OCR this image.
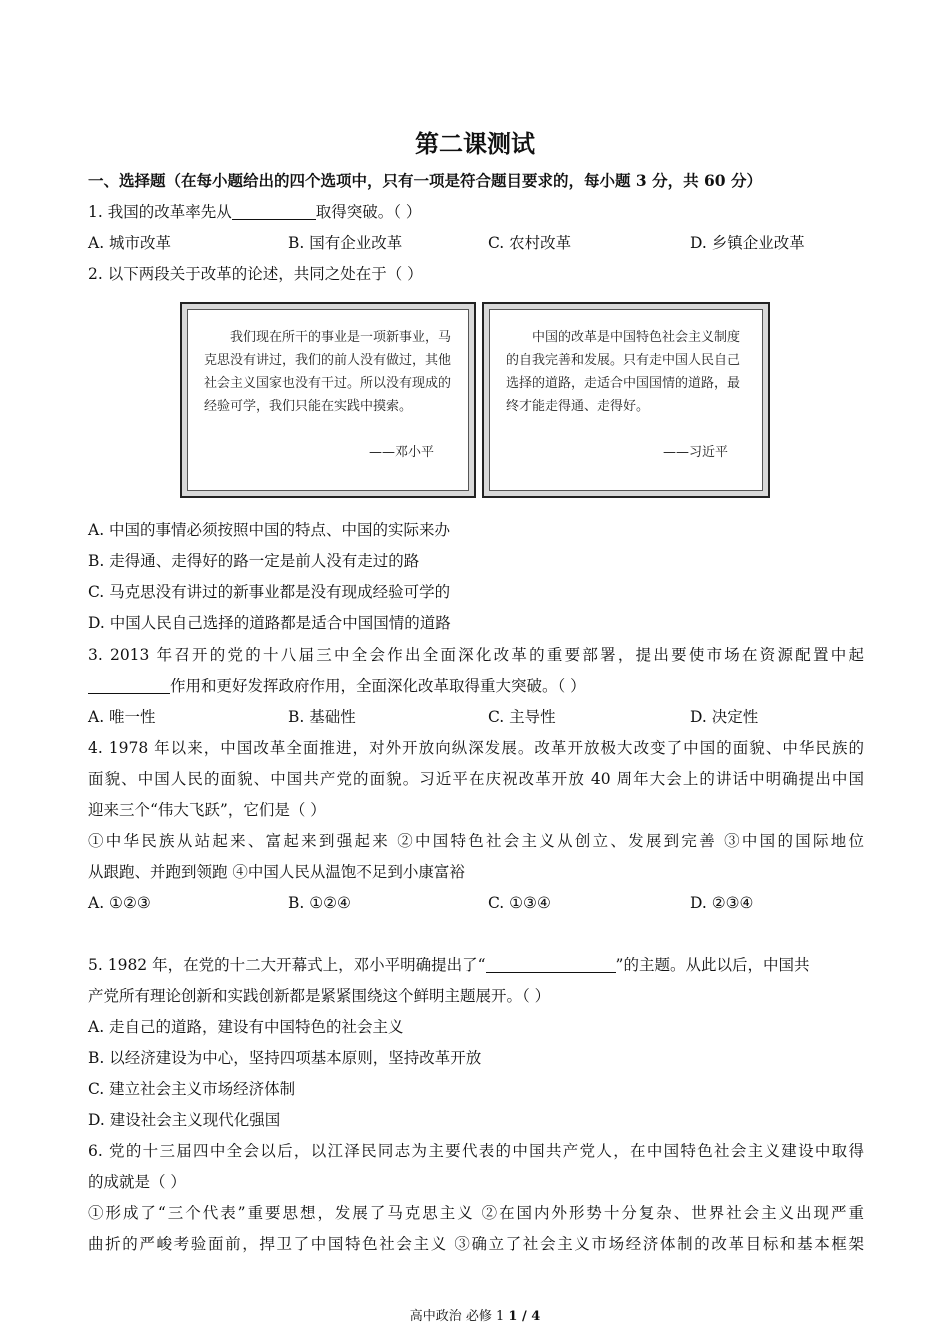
第二课测试
一、选择题（在每小题给出的四个选项中，只有一项是符合题目要求的，每小题 3 分，共 60 分）
1. 我国的改革率先从	取得突破。（ ）
A. 城市改革	B. 国有企业改革	C. 农村改革	D. 乡镇企业改革
2. 以下两段关于改革的论述，共同之处在于（ ）
我们现在所干的事业是一项新事业，马克思没有讲过，我们的前人没有做过，其他社会主义国家也没有干过。所以没有现成的经验可学，我们只能在实践中摸索。
——邓小平
中国的改革是中国特色社会主义制度的自我完善和发展。只有走中国人民自己选择的道路，走适合中国国情的道路，最终才能走得通、走得好。
——习近平
A. 中国的事情必须按照中国的特点、中国的实际来办
B. 走得通、走得好的路一定是前人没有走过的路
C. 马克思没有讲过的新事业都是没有现成经验可学的
D. 中国人民自己选择的道路都是适合中国国情的道路
3. 2013 年召开的党的十八届三中全会作出全面深化改革的重要部署，提出要使市场在资源配置中起
作用和更好发挥政府作用，全面深化改革取得重大突破。（ ）
A. 唯一性	B. 基础性	C. 主导性	D. 决定性
4. 1978 年以来，中国改革全面推进，对外开放向纵深发展。改革开放极大改变了中国的面貌、中华民族的
面貌、中国人民的面貌、中国共产党的面貌。习近平在庆祝改革开放 40 周年大会上的讲话中明确提出中国
迎来三个“伟大飞跃”，它们是（ ）
①中华民族从站起来、富起来到强起来 ②中国特色社会主义从创立、发展到完善 ③中国的国际地位
从跟跑、并跑到领跑 ④中国人民从温饱不足到小康富裕
A. ①②③	B. ①②④	C. ①③④	D. ②③④
5. 1982 年，在党的十二大开幕式上，邓小平明确提出了“	”的主题。从此以后，中国共
产党所有理论创新和实践创新都是紧紧围绕这个鲜明主题展开。（ ）
A. 走自己的道路，建设有中国特色的社会主义
B. 以经济建设为中心，坚持四项基本原则，坚持改革开放
C. 建立社会主义市场经济体制
D. 建设社会主义现代化强国
6. 党的十三届四中全会以后，以江泽民同志为主要代表的中国共产党人，在中国特色社会主义建设中取得
的成就是（ ）
①形成了“三个代表”重要思想，发展了马克思主义 ②在国内外形势十分复杂、世界社会主义出现严重
曲折的严峻考验面前，捍卫了中国特色社会主义 ③确立了社会主义市场经济体制的改革目标和基本框架
高中政治 必修 1 1 / 4
